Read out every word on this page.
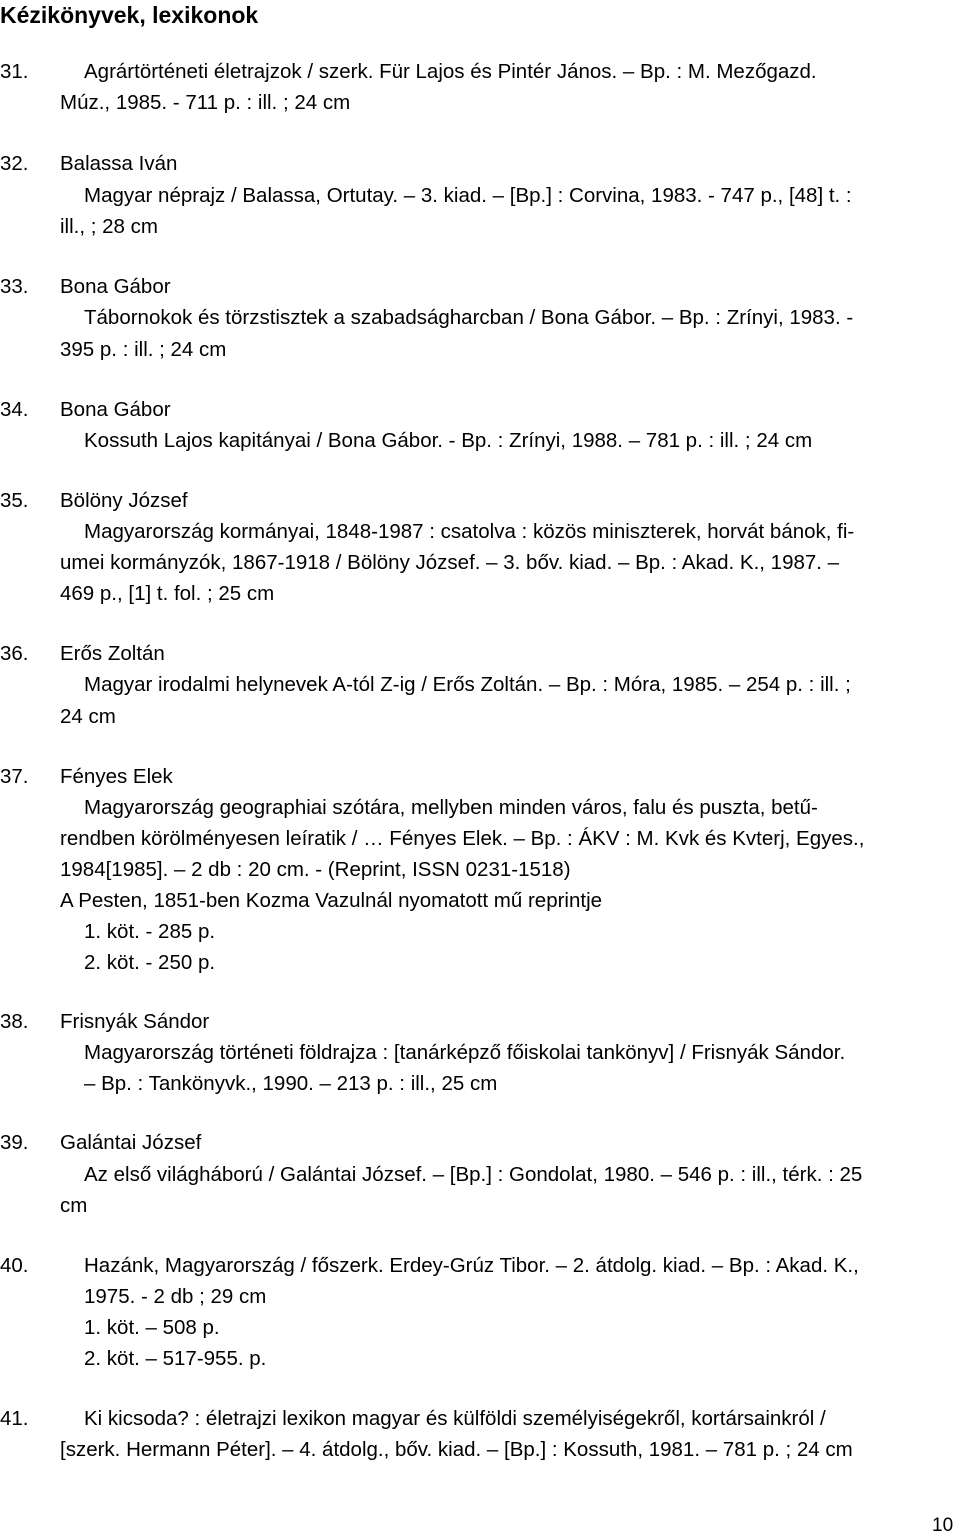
Kézikönyvek, lexikonok
31.	Agrártörténeti életrajzok / szerk. Für Lajos és Pintér János. – Bp. : M. Mezőgazd.
Múz., 1985. - 711 p. : ill. ; 24 cm
32. Balassa Iván
Magyar néprajz / Balassa, Ortutay. – 3. kiad. – [Bp.] : Corvina, 1983. - 747 p., [48] t. :
ill., ; 28 cm
33. Bona Gábor
Tábornokok és törzstisztek a szabadságharcban / Bona Gábor. – Bp. : Zrínyi, 1983. -
395 p. : ill. ; 24 cm
34. Bona Gábor
Kossuth Lajos kapitányai / Bona Gábor. - Bp. : Zrínyi, 1988. – 781 p. : ill. ; 24 cm
35. Bölöny József
Magyarország kormányai, 1848-1987 : csatolva : közös miniszterek, horvát bánok, fi-
umei kormányzók, 1867-1918 / Bölöny József. – 3. bőv. kiad. – Bp. : Akad. K., 1987. –
469 p., [1] t. fol. ; 25 cm
36. Erős Zoltán
Magyar irodalmi helynevek A-tól Z-ig / Erős Zoltán. – Bp. : Móra, 1985. – 254 p. : ill. ;
24 cm
37. Fényes Elek
Magyarország geographiai szótára, mellyben minden város, falu és puszta, betű-
rendben körölményesen leíratik / … Fényes Elek. – Bp. : ÁKV : M. Kvk és Kvterj, Egyes.,
1984[1985]. – 2 db : 20 cm. - (Reprint, ISSN 0231-1518)
A Pesten, 1851-ben Kozma Vazulnál nyomatott mű reprintje
1. köt. - 285 p.
2. köt. - 250 p.
38. Frisnyák Sándor
Magyarország történeti földrajza : [tanárképző főiskolai tankönyv] / Frisnyák Sándor.
– Bp. : Tankönyvk., 1990. – 213 p. : ill., 25 cm
39. Galántai József
Az első világháború / Galántai József. – [Bp.] : Gondolat, 1980. – 546 p. : ill., térk. : 25
cm
40.	Hazánk, Magyarország / főszerk. Erdey-Grúz Tibor. – 2. átdolg. kiad. – Bp. : Akad. K.,
1975. - 2 db ; 29 cm
1. köt. – 508 p.
2. köt. – 517-955. p.
41.	Ki kicsoda? : életrajzi lexikon magyar és külföldi személyiségekről, kortársainkról /
[szerk. Hermann Péter]. – 4. átdolg., bőv. kiad. – [Bp.] : Kossuth, 1981. – 781 p. ; 24 cm
10
